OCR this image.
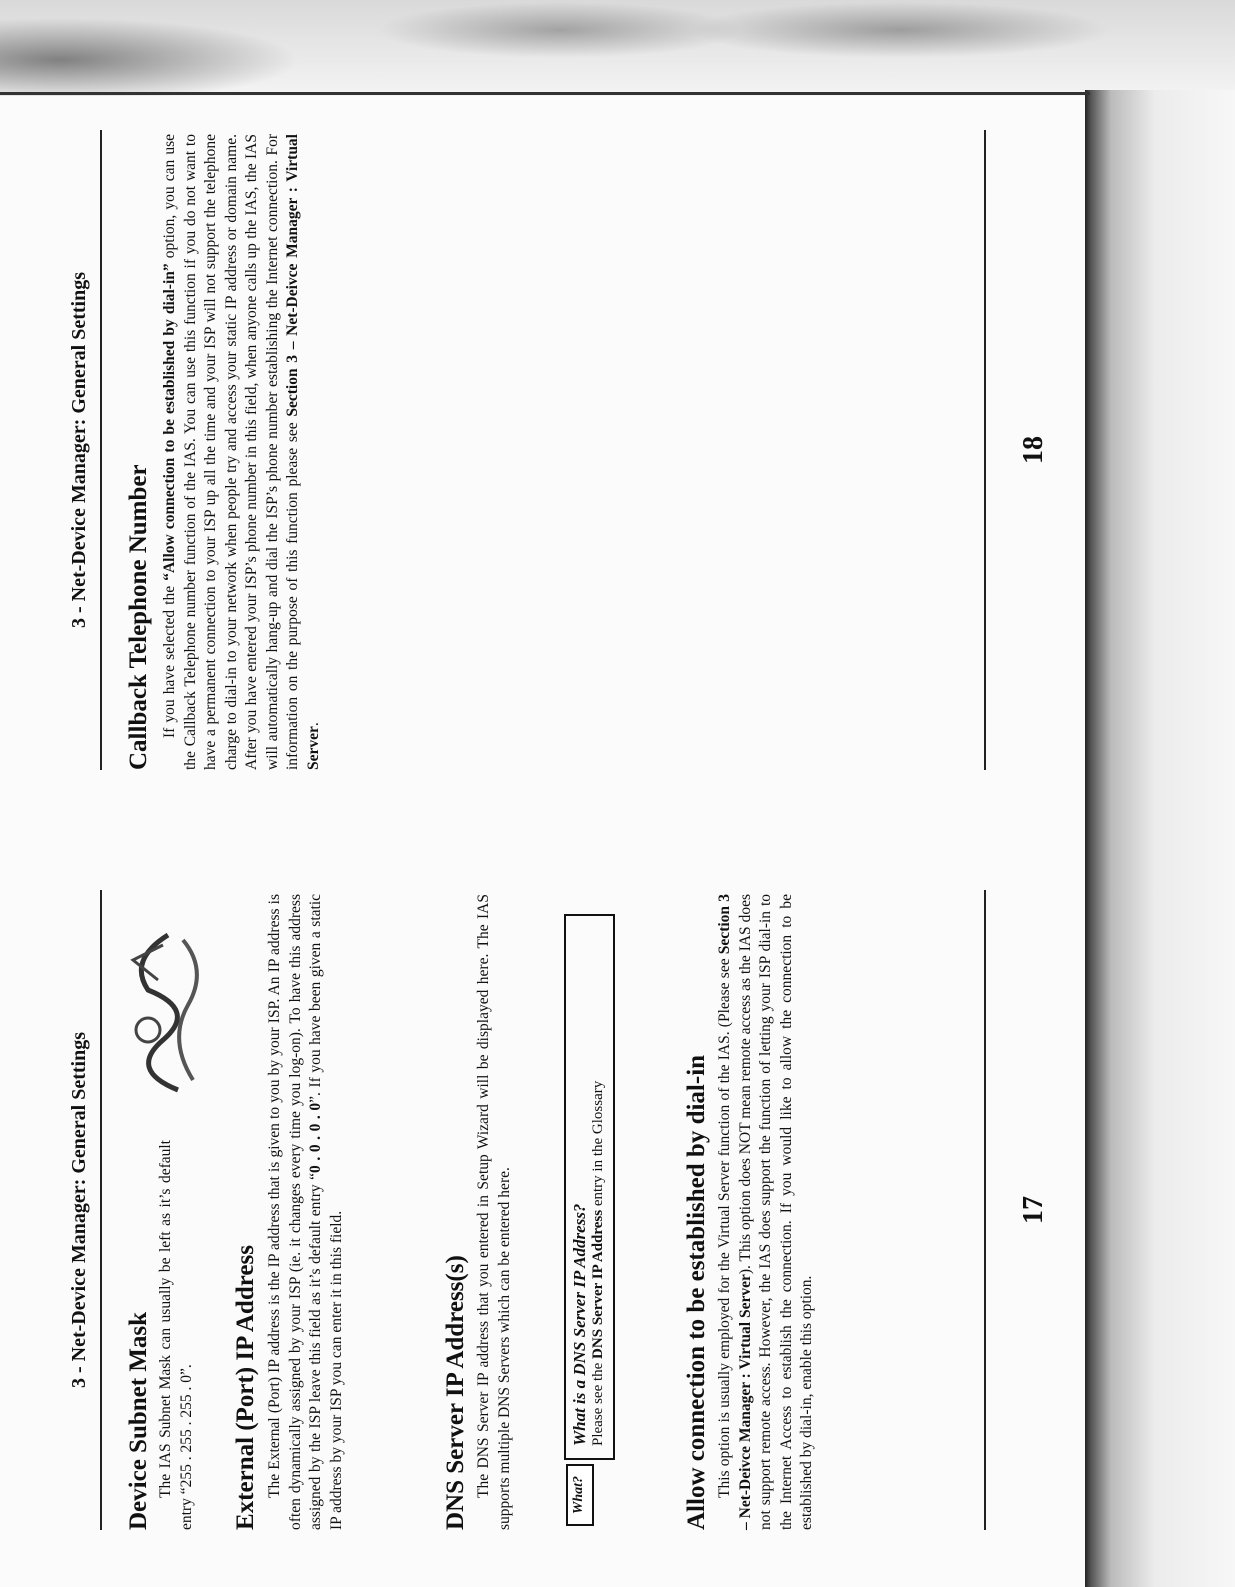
3 - Net-Device Manager: General Settings
Device Subnet Mask The IAS Subnet Mask can usually be left as it’s default entry “255 . 255 . 255 . 0”. External (Port) IP Address The External (Port) IP address is the IP address that is given to you by your ISP. An IP address is often dynamically assigned by your ISP (ie. it changes every time you log-on). To have this address assigned by the ISP leave this field as it’s default entry “0 . 0 . 0 . 0”. If you have been given a static IP address by your ISP you can enter it in this field.	DNS Server IP Address(s) The DNS Server IP address that you entered in Setup Wizard will be displayed here. The IAS supports multiple DNS Servers which can be entered here.	What?
What is a DNS Server IP Address? Please see the DNS Server IP Address entry in the Glossary	Allow connection to be established by dial-in This option is usually employed for the Virtual Server function of the IAS. (Please see Section 3 – Net-Deivce Manager : Virtual Server). This option does NOT mean remote access as the IAS does not support remote access. However, the IAS does support the function of letting your ISP dial-in to the Internet Access to establish the connection. If you would like to allow the connection to be established by dial-in, enable this option.

17
3 - Net-Device Manager: General Settings Callback Telephone Number If you have selected the “Allow connection to be established by dial-in” option, you can use the Callback Telephone number function of the IAS. You can use this function if you do not want to have a permanent connection to your ISP up all the time and your ISP will not support the telephone charge to dial-in to your network when people try and access your static IP address or domain name. After you have entered your ISP’s phone number in this field, when anyone calls up the IAS, the IAS will automatically hang-up and dial the ISP’s phone number establishing the Internet connection. For information on the purpose of this function please see Section 3 – Net-Deivce Manager : Virtual Server.

18
